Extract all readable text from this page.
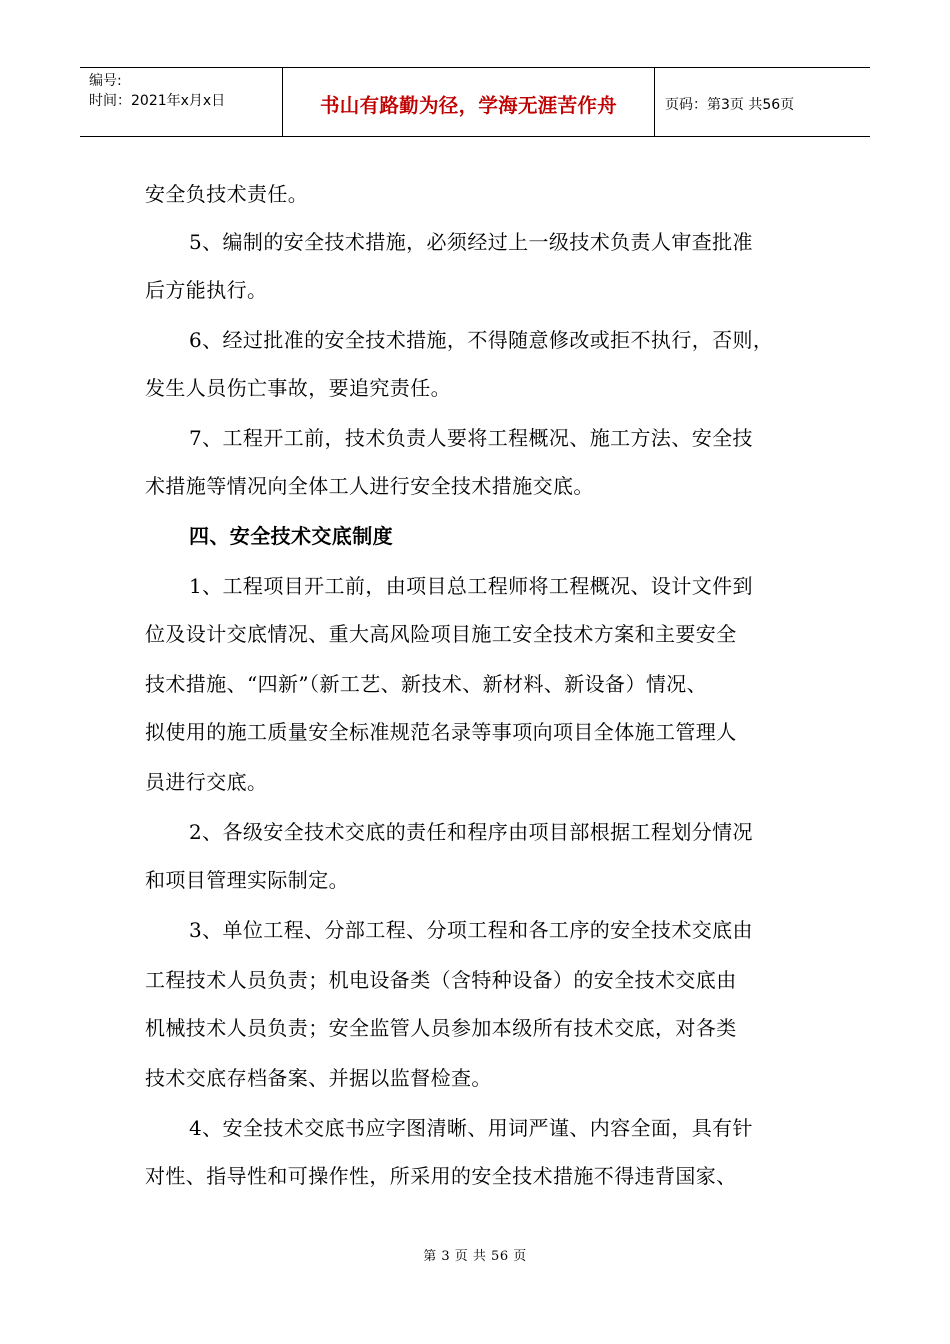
编号:
时间：2021年x月x日	书山有路勤为径，学海无涯苦作舟	页码：第3页 共56页
安全负技术责任。
5、编制的安全技术措施，必须经过上一级技术负责人审查批准
后方能执行。
6、经过批准的安全技术措施，不得随意修改或拒不执行，否则，
发生人员伤亡事故，要追究责任。
7、工程开工前，技术负责人要将工程概况、施工方法、安全技
术措施等情况向全体工人进行安全技术措施交底。
四、安全技术交底制度
1、工程项目开工前，由项目总工程师将工程概况、设计文件到
位及设计交底情况、重大高风险项目施工安全技术方案和主要安全
技术措施、“四新”（新工艺、新技术、新材料、新设备）情况、
拟使用的施工质量安全标准规范名录等事项向项目全体施工管理人
员进行交底。
2、各级安全技术交底的责任和程序由项目部根据工程划分情况
和项目管理实际制定。
3、单位工程、分部工程、分项工程和各工序的安全技术交底由
工程技术人员负责；机电设备类（含特种设备）的安全技术交底由
机械技术人员负责；安全监管人员参加本级所有技术交底，对各类
技术交底存档备案、并据以监督检查。
4、安全技术交底书应字图清晰、用词严谨、内容全面，具有针
对性、指导性和可操作性，所采用的安全技术措施不得违背国家、
第 3 页 共 56 页
